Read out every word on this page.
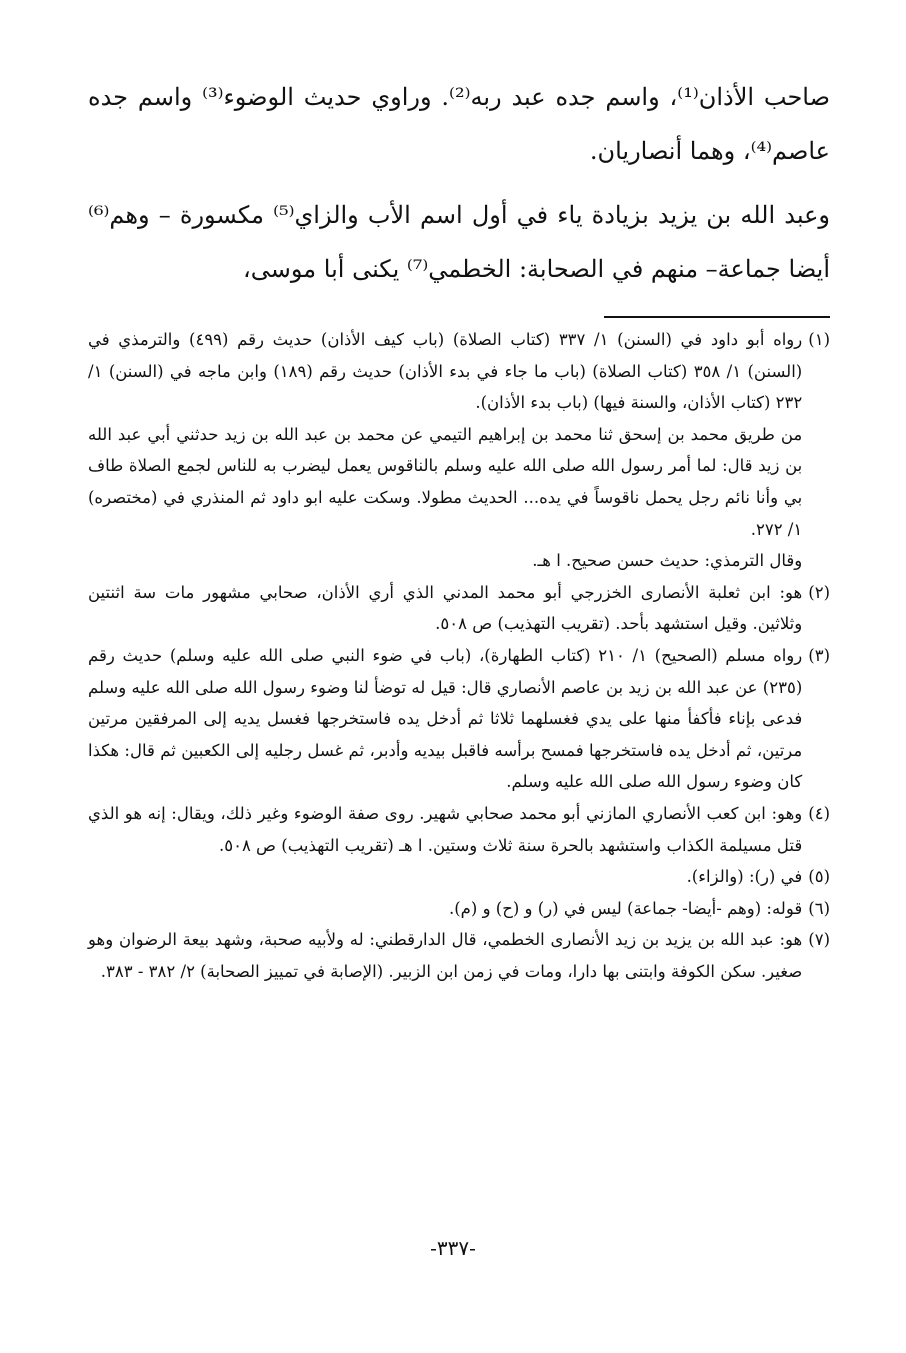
صاحب الأذان⁽¹⁾، واسم جده عبد ربه⁽²⁾. وراوي حديث الوضوء⁽³⁾ واسم جده عاصم⁽⁴⁾، وهما أنصاريان.

وعبد الله بن يزيد بزيادة ياء في أول اسم الأب والزاي⁽⁵⁾ مكسورة – وهم⁽⁶⁾ أيضا جماعة– منهم في الصحابة: الخطمي⁽⁷⁾ يكنى أبا موسى،

(١)

رواه أبو داود في (السنن) ١/ ٣٣٧ (كتاب الصلاة) (باب كيف الأذان) حديث رقم (٤٩٩) والترمذي في (السنن) ١/ ٣٥٨ (كتاب الصلاة) (باب ما جاء في بدء الأذان) حديث رقم (١٨٩) وابن ماجه في (السنن) ١/ ٢٣٢ (كتاب الأذان، والسنة فيها) (باب بدء الأذان).

من طريق محمد بن إسحق ثنا محمد بن إبراهيم التيمي عن محمد بن عبد الله بن زيد حدثني أبي عبد الله بن زيد قال: لما أمر رسول الله صلى الله عليه وسلم بالناقوس يعمل ليضرب به للناس لجمع الصلاة طاف بي وأنا نائم رجل يحمل ناقوساً في يده... الحديث مطولا. وسكت عليه ابو داود ثم المنذري في (مختصره) ١/ ٢٧٢.

وقال الترمذي: حديث حسن صحيح. ا هـ.

(٢)

هو: ابن ثعلبة الأنصارى الخزرجي أبو محمد المدني الذي أري الأذان، صحابي مشهور مات سة اثنتين وثلاثين. وقيل استشهد بأحد. (تقريب التهذيب) ص ٥٠٨.

(٣)

رواه مسلم (الصحيح) ١/ ٢١٠ (كتاب الطهارة)، (باب في ضوء النبي صلى الله عليه وسلم) حديث رقم (٢٣٥) عن عبد الله بن زيد بن عاصم الأنصاري قال: قيل له توضأ لنا وضوء رسول الله صلى الله عليه وسلم فدعى بإناء فأكفأ منها على يدي فغسلهما ثلاثا ثم أدخل يده فاستخرجها فغسل يديه إلى المرفقين مرتين مرتين، ثم أدخل يده فاستخرجها فمسح برأسه فاقبل بيديه وأدبر، ثم غسل رجليه إلى الكعبين ثم قال: هكذا كان وضوء رسول الله صلى الله عليه وسلم.

(٤)

وهو: ابن كعب الأنصاري المازني أبو محمد صحابي شهير. روى صفة الوضوء وغير ذلك، ويقال: إنه هو الذي قتل مسيلمة الكذاب واستشهد بالحرة سنة ثلاث وستين. ا هـ (تقريب التهذيب) ص ٥٠٨.

(٥)

في (ر): (والزاء).

(٦)

قوله: (وهم -أيضا- جماعة) ليس في (ر) و (ح) و (م).

(٧)

هو: عبد الله بن يزيد بن زيد الأنصارى الخطمي، قال الدارقطني: له ولأبيه صحبة، وشهد بيعة الرضوان وهو صغير. سكن الكوفة وابتنى بها دارا، ومات في زمن ابن الزبير. (الإصابة في تمييز الصحابة) ٢/ ٣٨٢ - ٣٨٣.

-٣٣٧-
